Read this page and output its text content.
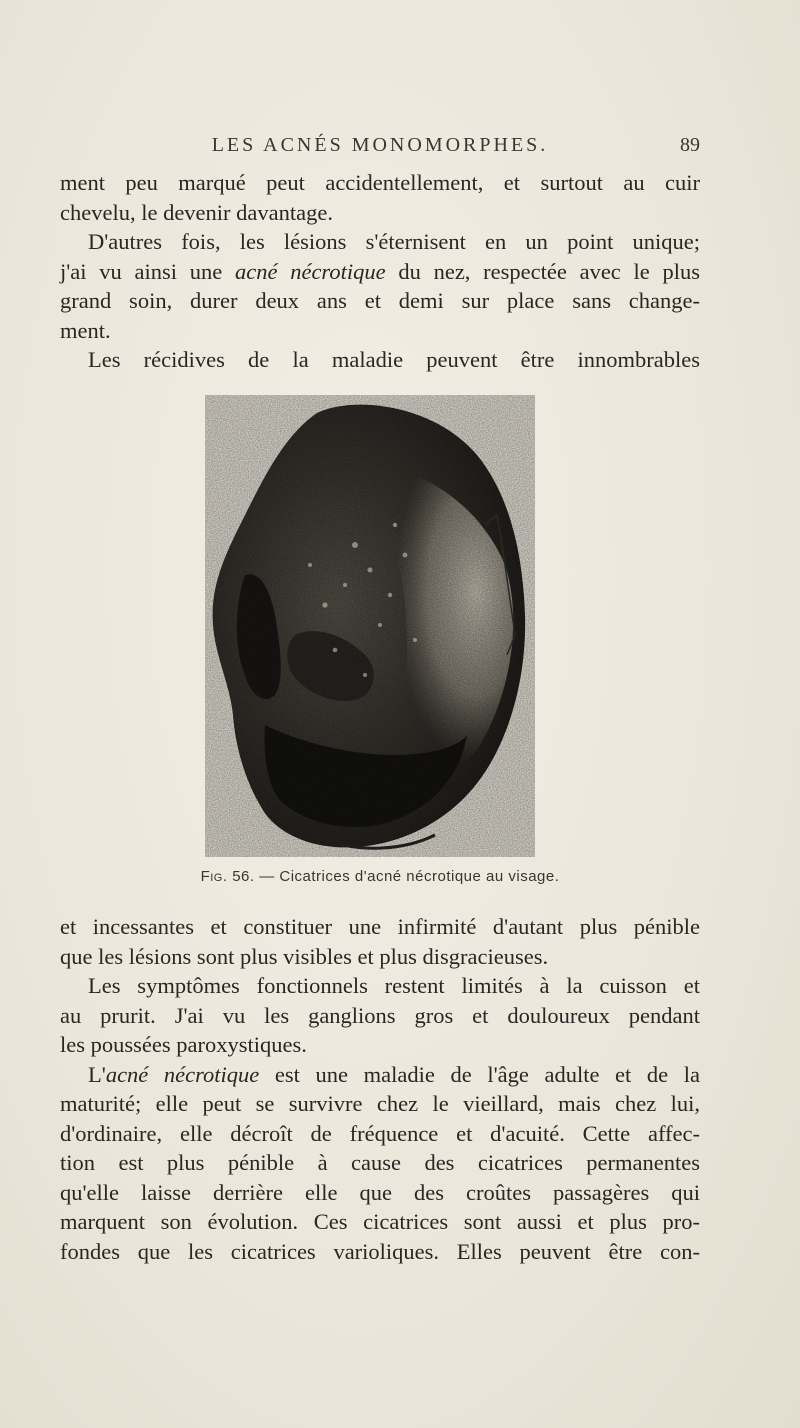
LES ACNÉS MONOMORPHES.	89
ment peu marqué peut accidentellement, et surtout au cuir
chevelu, le devenir davantage.
D'autres fois, les lésions s'éternisent en un point unique;
j'ai vu ainsi une acné nécrotique du nez, respectée avec le plus
grand soin, durer deux ans et demi sur place sans change-
ment.
Les récidives de la maladie peuvent être innombrables
Fig. 56. — Cicatrices d'acné nécrotique au visage.
et incessantes et constituer une infirmité d'autant plus pénible
que les lésions sont plus visibles et plus disgracieuses.
Les symptômes fonctionnels restent limités à la cuisson et
au prurit. J'ai vu les ganglions gros et douloureux pendant
les poussées paroxystiques.
L'acné nécrotique est une maladie de l'âge adulte et de la
maturité; elle peut se survivre chez le vieillard, mais chez lui,
d'ordinaire, elle décroît de fréquence et d'acuité. Cette affec-
tion est plus pénible à cause des cicatrices permanentes
qu'elle laisse derrière elle que des croûtes passagères qui
marquent son évolution. Ces cicatrices sont aussi et plus pro-
fondes que les cicatrices varioliques. Elles peuvent être con-
